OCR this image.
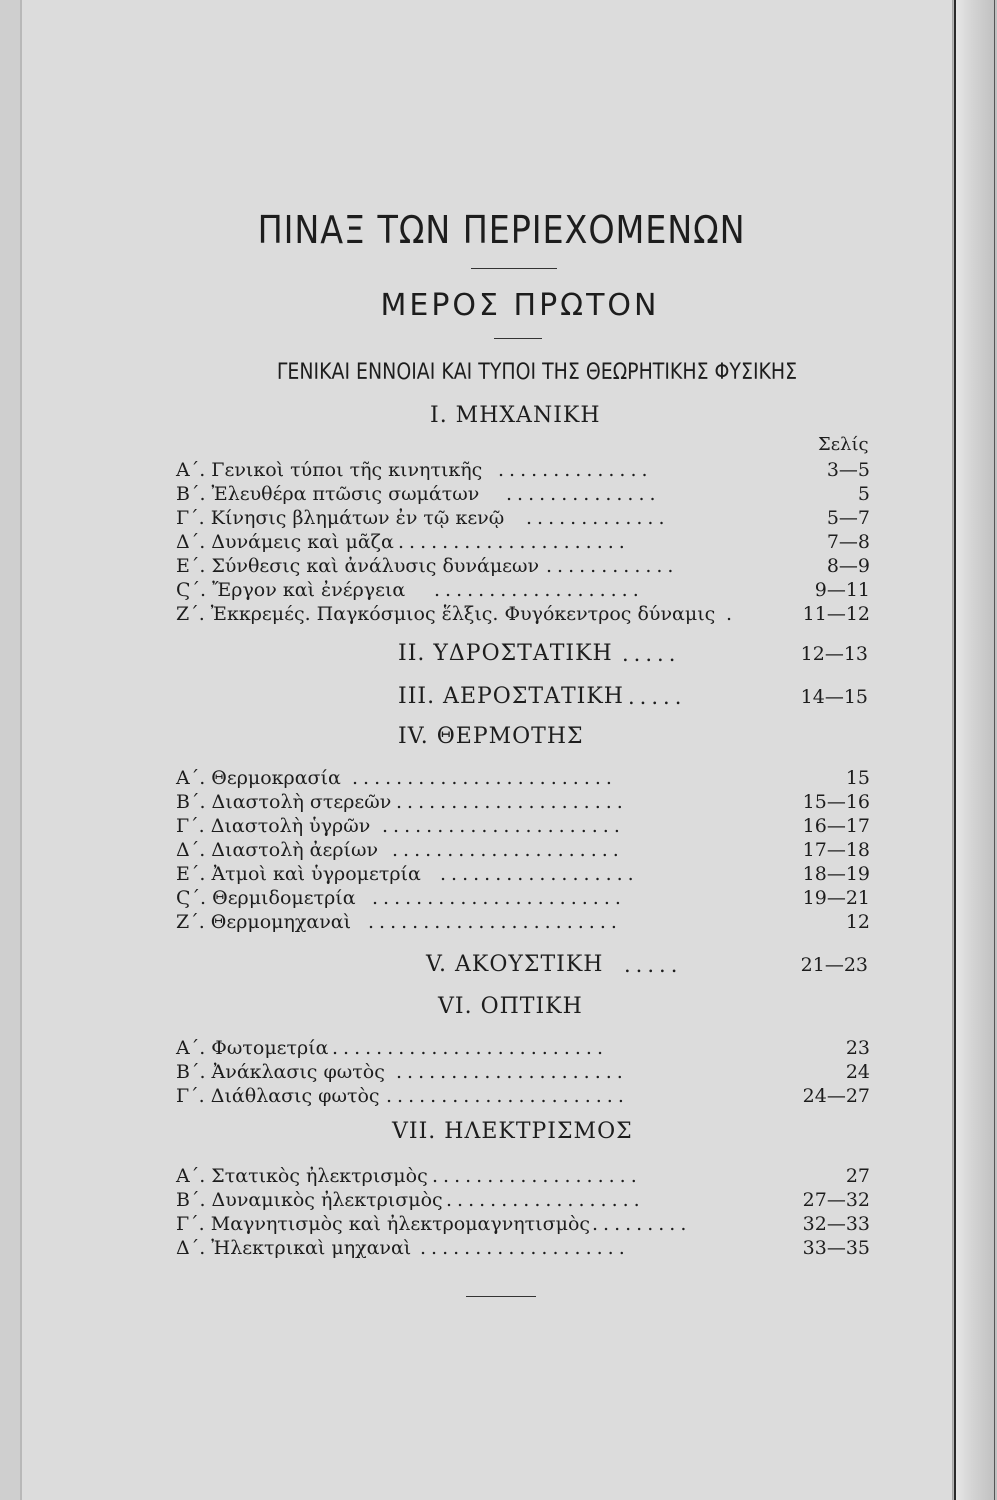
ΠΙΝΑΞ ΤΩΝ ΠΕΡΙΕΧΟΜΕΝΩΝ
ΜΕΡΟΣ ΠΡΩΤΟΝ
ΓΕΝΙΚΑΙ ΕΝΝΟΙΑΙ ΚΑΙ ΤΥΠΟΙ ΤΗΣ ΘΕΩΡΗΤΙΚΗΣ ΦΥΣΙΚΗΣ
I. ΜΗΧΑΝΙΚΗ
Σελίς
Α΄. Γενικοὶ τύποι τῆς κινητικῆς ..............	3—5
Β΄. Ἐλευθέρα πτῶσις σωμάτων ..............	5
Γ΄. Κίνησις βλημάτων ἐν τῷ κενῷ .............	5—7
Δ΄. Δυνάμεις καὶ μᾶζα .....................	7—8
Ε΄. Σύνθεσις καὶ ἀνάλυσις δυνάμεων ............	8—9
Ϛ΄. Ἔργον καὶ ἐνέργεια ...................	9—11
Ζ΄. Ἐκκρεμές. Παγκόσμιος ἕλξις. Φυγόκεντρος δύναμις .	11—12
II. ΥΔΡΟΣΤΑΤΙΚΗ .....	12—13
III. ΑΕΡΟΣΤΑΤΙΚΗ .....	14—15
IV. ΘΕΡΜΟΤΗΣ
Α΄. Θερμοκρασία ........................	15
Β΄. Διαστολὴ στερεῶν .....................	15—16
Γ΄. Διαστολὴ ὑγρῶν ......................	16—17
Δ΄. Διαστολὴ ἀερίων .....................	17—18
Ε΄. Ἀτμοὶ καὶ ὑγρομετρία ..................	18—19
Ϛ΄. Θερμιδομετρία .......................	19—21
Ζ΄. Θερμομηχαναὶ .......................	12
V. ΑΚΟΥΣΤΙΚΗ .....	21—23
VI. ΟΠΤΙΚΗ
Α΄. Φωτομετρία .........................	23
Β΄. Ἀνάκλασις φωτὸς .....................	24
Γ΄. Διάθλασις φωτὸς ......................	24—27
VII. ΗΛΕΚΤΡΙΣΜΟΣ
Α΄. Στατικὸς ἠλεκτρισμὸς ...................	27
Β΄. Δυναμικὸς ἠλεκτρισμὸς ..................	27—32
Γ΄. Μαγνητισμὸς καὶ ἠλεκτρομαγνητισμὸς .........	32—33
Δ΄. Ἠλεκτρικαὶ μηχαναὶ ...................	33—35
